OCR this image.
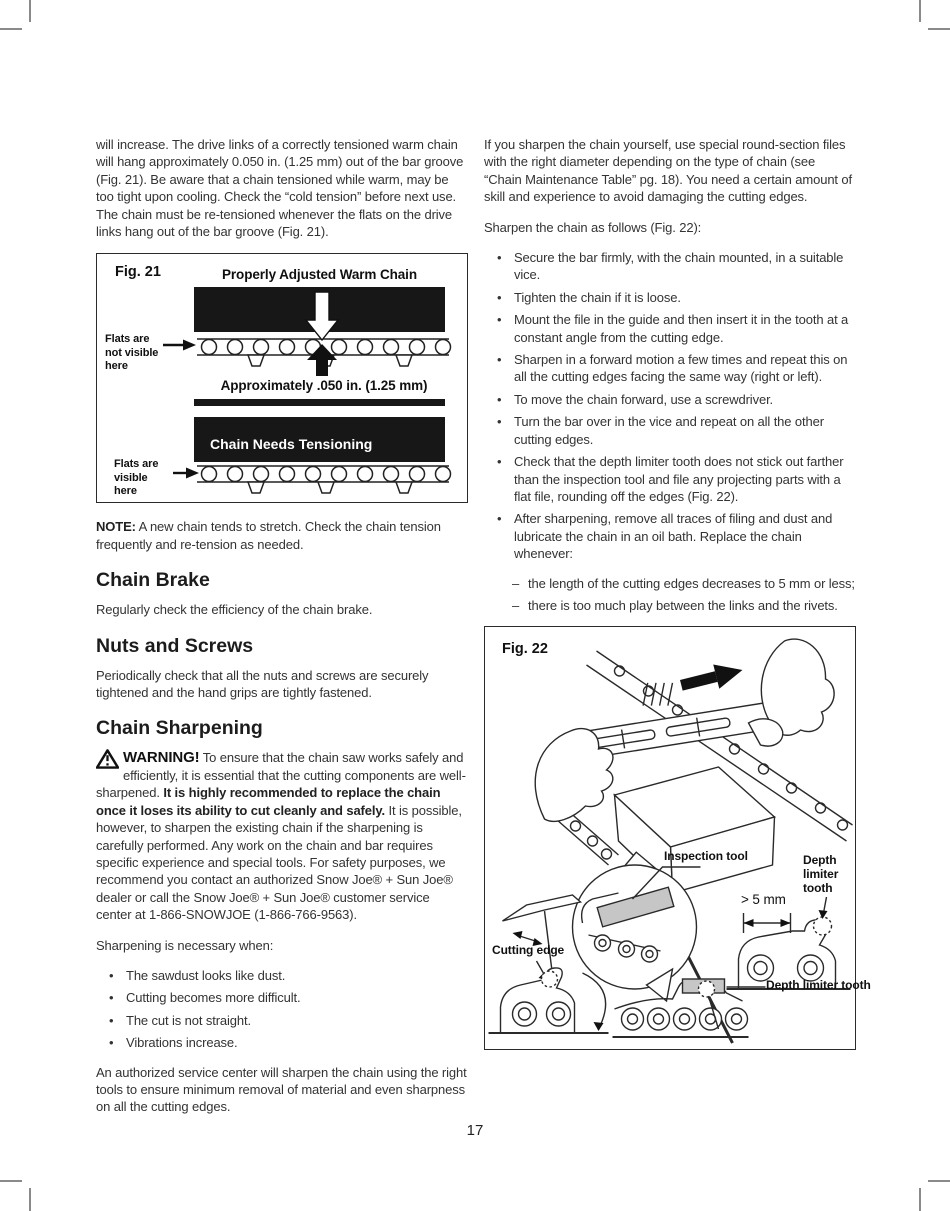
will increase. The drive links of a correctly tensioned warm chain will hang approximately 0.050 in. (1.25 mm) out of the bar groove (Fig. 21). Be aware that a chain tensioned while warm, may be too tight upon cooling. Check the “cold tension” before next use. The chain must be re-tensioned whenever the flats on the drive links hang out of the bar groove (Fig. 21).

Fig. 21	Properly Adjusted Warm Chain
Flats are not visible here
Approximately .050 in. (1.25 mm)
Chain Needs Tensioning
Flats are visible here

NOTE: A new chain tends to stretch. Check the chain tension frequently and re-tension as needed.

Chain Brake

Regularly check the efficiency of the chain brake.

Nuts and Screws

Periodically check that all the nuts and screws are securely tightened and the hand grips are tightly fastened.

Chain Sharpening

WARNING! To ensure that the chain saw works safely and efficiently, it is essential that the cutting components are well-sharpened. It is highly recommended to replace the chain once it loses its ability to cut cleanly and safely. It is possible, however, to sharpen the existing chain if the sharpening is carefully performed. Any work on the chain and bar requires specific experience and special tools. For safety purposes, we recommend you contact an authorized Snow Joe® + Sun Joe® dealer or call the Snow Joe® + Sun Joe® customer service center at 1-866-SNOWJOE (1-866-766-9563).

Sharpening is necessary when:

• The sawdust looks like dust.
• Cutting becomes more difficult.
• The cut is not straight.
• Vibrations increase.

An authorized service center will sharpen the chain using the right tools to ensure minimum removal of material and even sharpness on all the cutting edges.

If you sharpen the chain yourself, use special round-section files with the right diameter depending on the type of chain (see “Chain Maintenance Table” pg. 18). You need a certain amount of skill and experience to avoid damaging the cutting edges.

Sharpen the chain as follows (Fig. 22):

• Secure the bar firmly, with the chain mounted, in a suitable vice.
• Tighten the chain if it is loose.
• Mount the file in the guide and then insert it in the tooth at a constant angle from the cutting edge.
• Sharpen in a forward motion a few times and repeat this on all the cutting edges facing the same way (right or left).
• To move the chain forward, use a screwdriver.
• Turn the bar over in the vice and repeat on all the other cutting edges.
• Check that the depth limiter tooth does not stick out farther than the inspection tool and file any projecting parts with a flat file, rounding off the edges (Fig. 22).
• After sharpening, remove all traces of filing and dust and lubricate the chain in an oil bath. Replace the chain whenever:
– the length of the cutting edges decreases to 5 mm or less;
– there is too much play between the links and the rivets.
Fig. 22
Inspection tool	Depth limiter tooth
> 5 mm
Cutting edge
Depth limiter tooth
17
